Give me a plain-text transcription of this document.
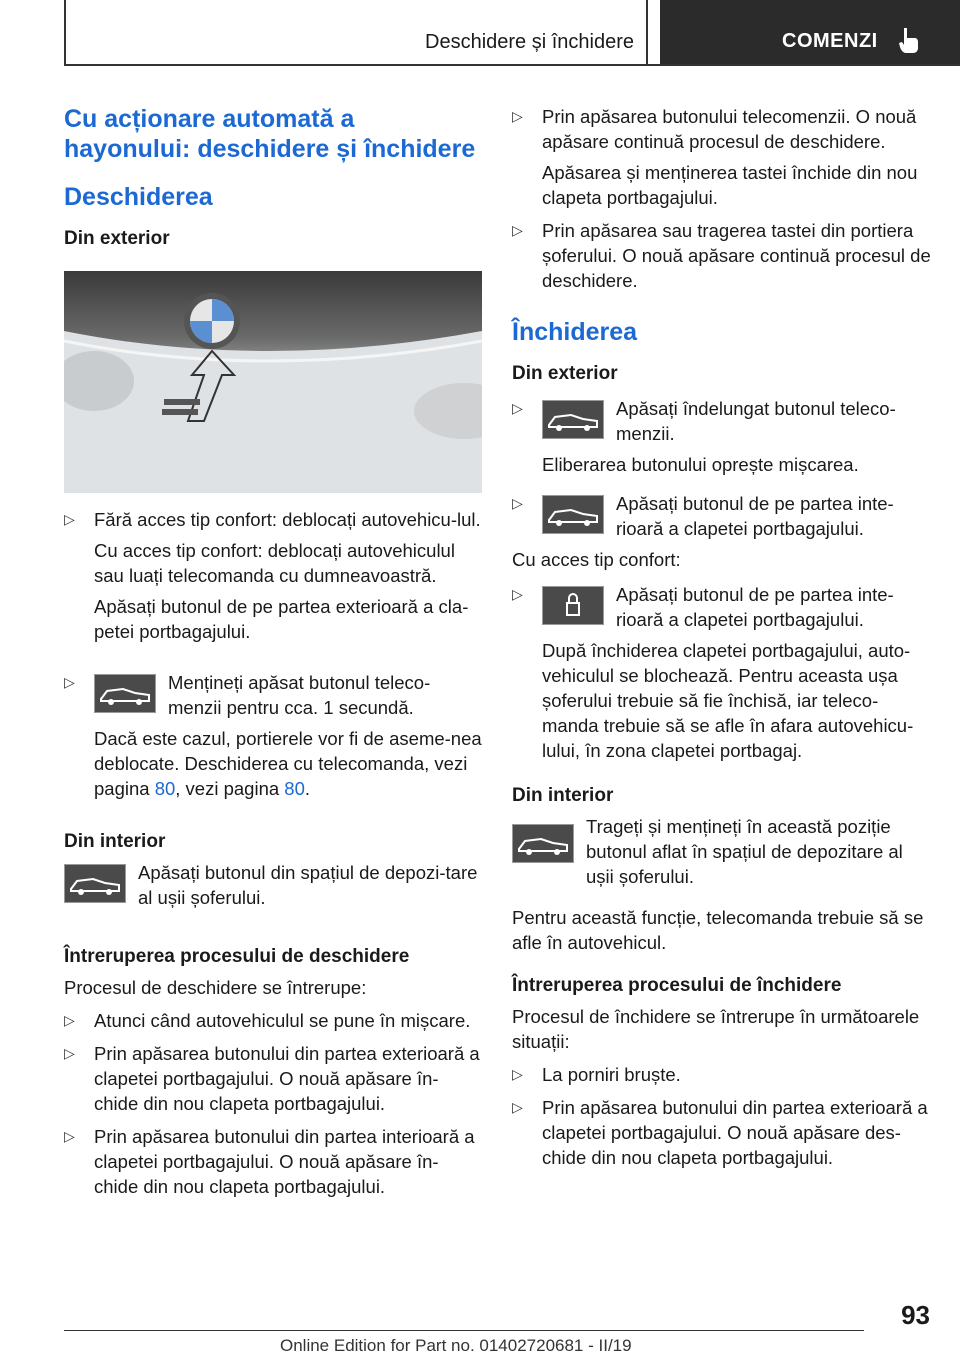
Deschidere și închidere	COMENZI
Cu acționare automată a hayonului: deschidere și închidere
Deschiderea
Din exterior
▷ Fără acces tip confort: deblocați autovehicu-lul.

Cu acces tip confort: deblocați autovehiculul sau luați telecomanda cu dumneavoastră.

Apăsați butonul de pe partea exterioară a cla-petei portbagajului.

▷	Mențineți apăsat butonul teleco-menzii pentru cca. 1 secundă.

Dacă este cazul, portierele vor fi de aseme-nea deblocate. Deschiderea cu telecomanda, vezi pagina 80, vezi pagina 80.

Din interior

Apăsați butonul din spațiul de depozi-tare al ușii șoferului.

Întreruperea procesului de deschidere

Procesul de deschidere se întrerupe:

▷ Atunci când autovehiculul se pune în mișcare.

▷ Prin apăsarea butonului din partea exterioară a clapetei portbagajului. O nouă apăsare în-chide din nou clapeta portbagajului.

▷ Prin apăsarea butonului din partea interioară a clapetei portbagajului. O nouă apăsare în-chide din nou clapeta portbagajului.

▷ Prin apăsarea butonului telecomenzii. O nouă apăsare continuă procesul de deschidere.

Apăsarea și menținerea tastei închide din nou clapeta portbagajului.

▷ Prin apăsarea sau tragerea tastei din portiera șoferului. O nouă apăsare continuă procesul de deschidere.

Închiderea
Din exterior
▷	Apăsați îndelungat butonul teleco-menzii.

Eliberarea butonului oprește mișcarea.

▷	Apăsați butonul de pe partea inte-rioară a clapetei portbagajului.

Cu acces tip confort:

▷	Apăsați butonul de pe partea inte-rioară a clapetei portbagajului.

După închiderea clapetei portbagajului, auto-vehiculul se blochează. Pentru aceasta ușa șoferului trebuie să fie închisă, iar teleco-manda trebuie să se afle în afara autovehicu-lului, în zona clapetei portbagaj.

Din interior

Trageți și mențineți în această poziție butonul aflat în spațiul de depozitare al ușii șoferului.

Pentru această funcție, telecomanda trebuie să se afle în autovehicul.

Întreruperea procesului de închidere

Procesul de închidere se întrerupe în următoarele situații:

▷ La porniri bruște.

▷ Prin apăsarea butonului din partea exterioară a clapetei portbagajului. O nouă apăsare des-chide din nou clapeta portbagajului.

93
Online Edition for Part no. 01402720681 - II/19
